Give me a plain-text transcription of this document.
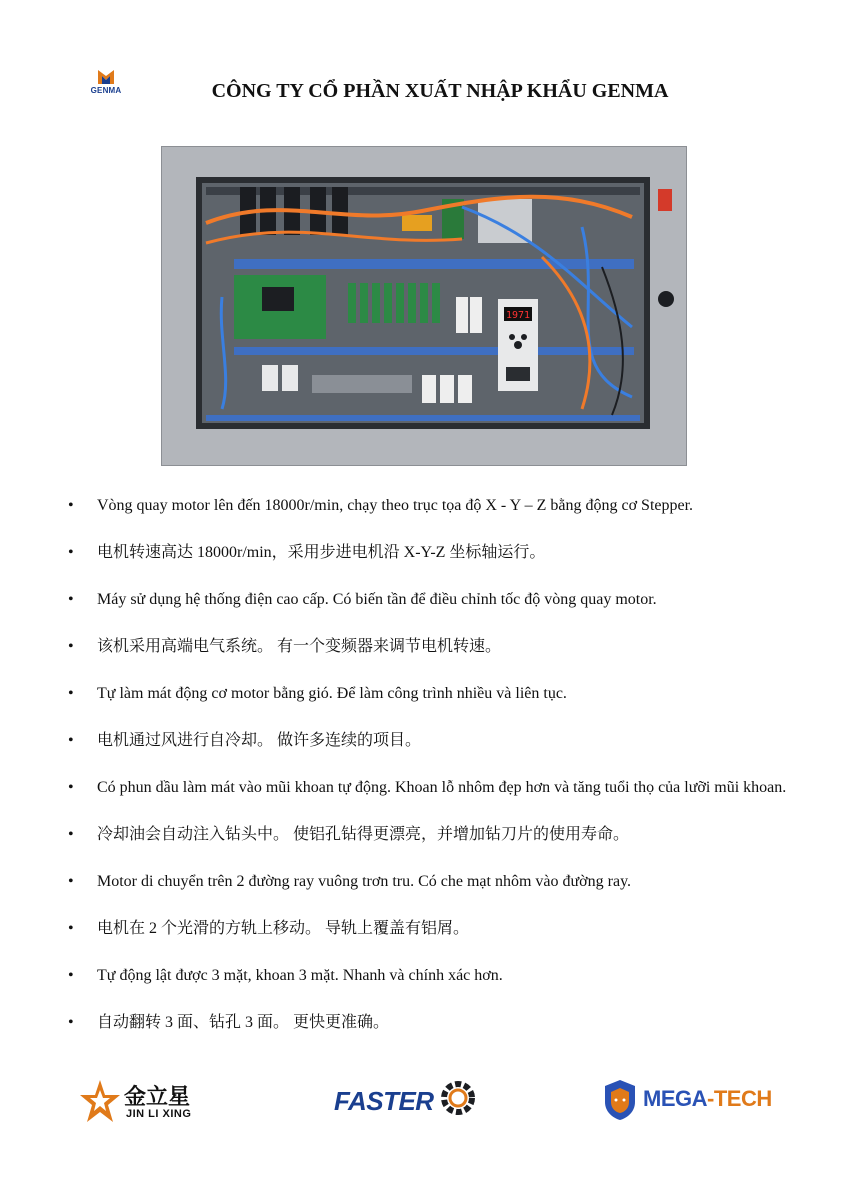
GENMA	CÔNG TY CỔ PHẦN XUẤT NHẬP KHẨU GENMA
1971
• Vòng quay motor lên đến 18000r/min, chạy theo trục tọa độ X - Y – Z bằng động cơ Stepper.
• 电机转速高达 18000r/min，采用步进电机沿 X-Y-Z 坐标轴运行。
• Máy sử dụng hệ thống điện cao cấp. Có biến tần để điều chỉnh tốc độ vòng quay motor.
• 该机采用高端电气系统。 有一个变频器来调节电机转速。
• Tự làm mát động cơ motor bằng gió. Để làm công trình nhiều và liên tục.
• 电机通过风进行自冷却。 做许多连续的项目。
• Có phun dầu làm mát vào mũi khoan tự động. Khoan lỗ nhôm đẹp hơn và tăng tuổi thọ của lưỡi mũi khoan.
• 冷却油会自动注入钻头中。 使铝孔钻得更漂亮，并增加钻刀片的使用寿命。
• Motor di chuyển trên 2 đường ray vuông trơn tru. Có che mạt nhôm vào đường ray.
• 电机在 2 个光滑的方轨上移动。 导轨上覆盖有铝屑。
• Tự động lật được 3 mặt, khoan 3 mặt. Nhanh và chính xác hơn.
• 自动翻转 3 面、钻孔 3 面。 更快更准确。
金立星
JIN LI XING	FASTER	MEGA-TECH
